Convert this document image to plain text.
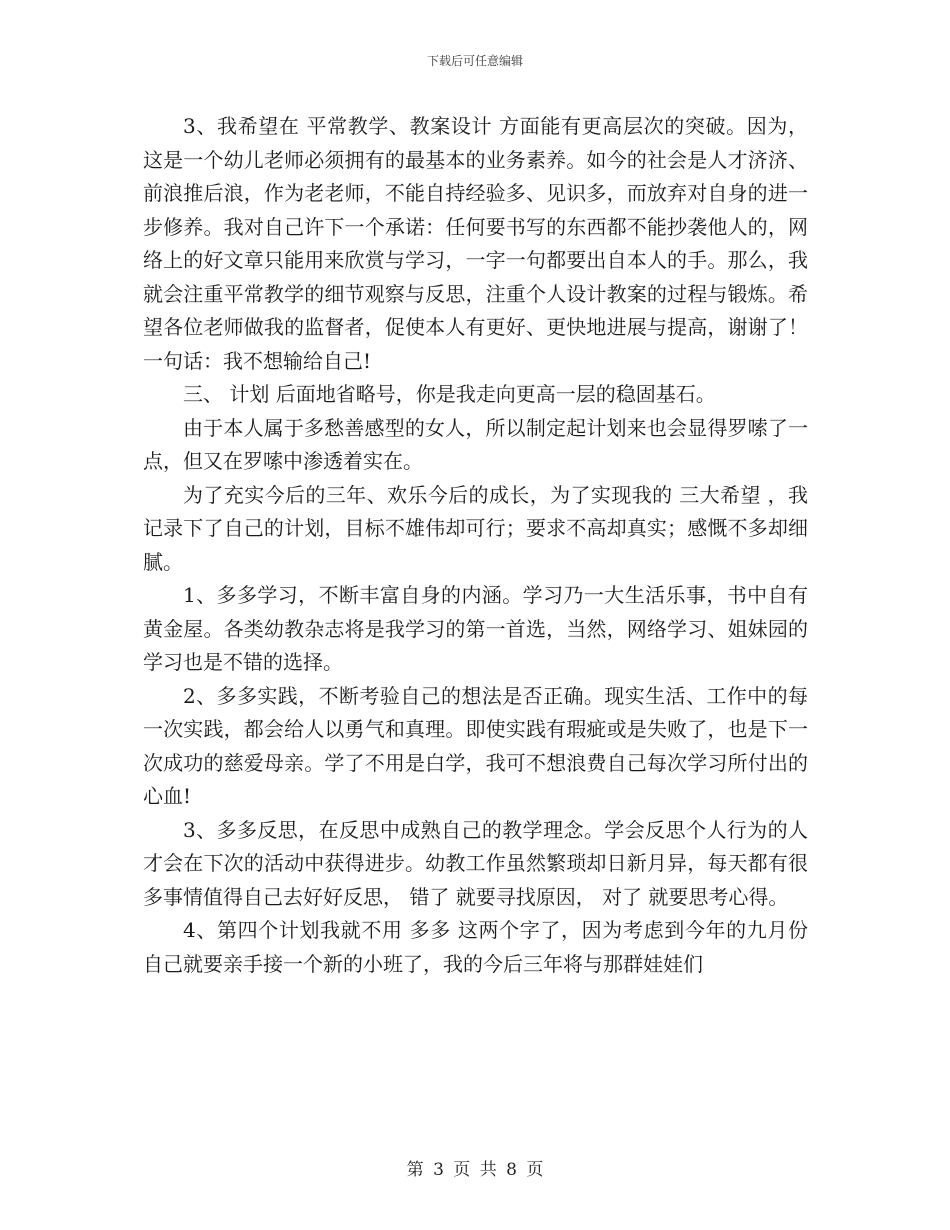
下载后可任意编辑

3、我希望在 平常教学、教案设计 方面能有更高层次的突破。因为，这是一个幼儿老师必须拥有的最基本的业务素养。如今的社会是人才济济、前浪推后浪，作为老老师，不能自持经验多、见识多，而放弃对自身的进一步修养。我对自己许下一个承诺：任何要书写的东西都不能抄袭他人的，网络上的好文章只能用来欣赏与学习，一字一句都要出自本人的手。那么，我就会注重平常教学的细节观察与反思，注重个人设计教案的过程与锻炼。希望各位老师做我的监督者，促使本人有更好、更快地进展与提高，谢谢了！一句话：我不想输给自己!

三、 计划 后面地省略号，你是我走向更高一层的稳固基石。

由于本人属于多愁善感型的女人，所以制定起计划来也会显得罗嗦了一点，但又在罗嗦中渗透着实在。

为了充实今后的三年、欢乐今后的成长，为了实现我的 三大希望 ，我记录下了自己的计划，目标不雄伟却可行；要求不高却真实；感慨不多却细腻。

1、多多学习，不断丰富自身的内涵。学习乃一大生活乐事，书中自有黄金屋。各类幼教杂志将是我学习的第一首选，当然，网络学习、姐妹园的学习也是不错的选择。

2、多多实践，不断考验自己的想法是否正确。现实生活、工作中的每一次实践，都会给人以勇气和真理。即使实践有瑕疵或是失败了，也是下一次成功的慈爱母亲。学了不用是白学，我可不想浪费自己每次学习所付出的心血!

3、多多反思，在反思中成熟自己的教学理念。学会反思个人行为的人才会在下次的活动中获得进步。幼教工作虽然繁琐却日新月异，每天都有很多事情值得自己去好好反思， 错了 就要寻找原因， 对了 就要思考心得。

4、第四个计划我就不用 多多 这两个字了，因为考虑到今年的九月份自己就要亲手接一个新的小班了，我的今后三年将与那群娃娃们

第 3 页 共 8 页
